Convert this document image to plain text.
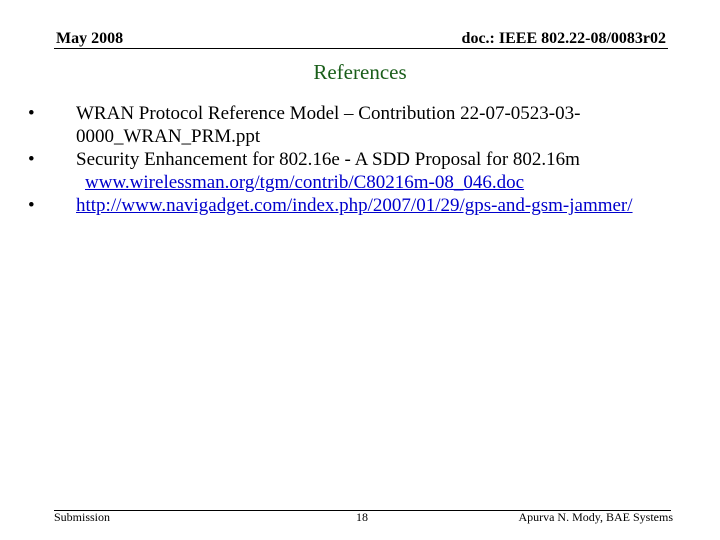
May 2008	doc.: IEEE 802.22-08/0083r02
References
• WRAN Protocol Reference Model – Contribution 22-07-0523-03-0000_WRAN_PRM.ppt
• Security Enhancement for 802.16e - A SDD Proposal for 802.16m
www.wirelessman.org/tgm/contrib/C80216m-08_046.doc
• http://www.navigadget.com/index.php/2007/01/29/gps-and-gsm-jammer/
Submission	18	Apurva N. Mody, BAE Systems
